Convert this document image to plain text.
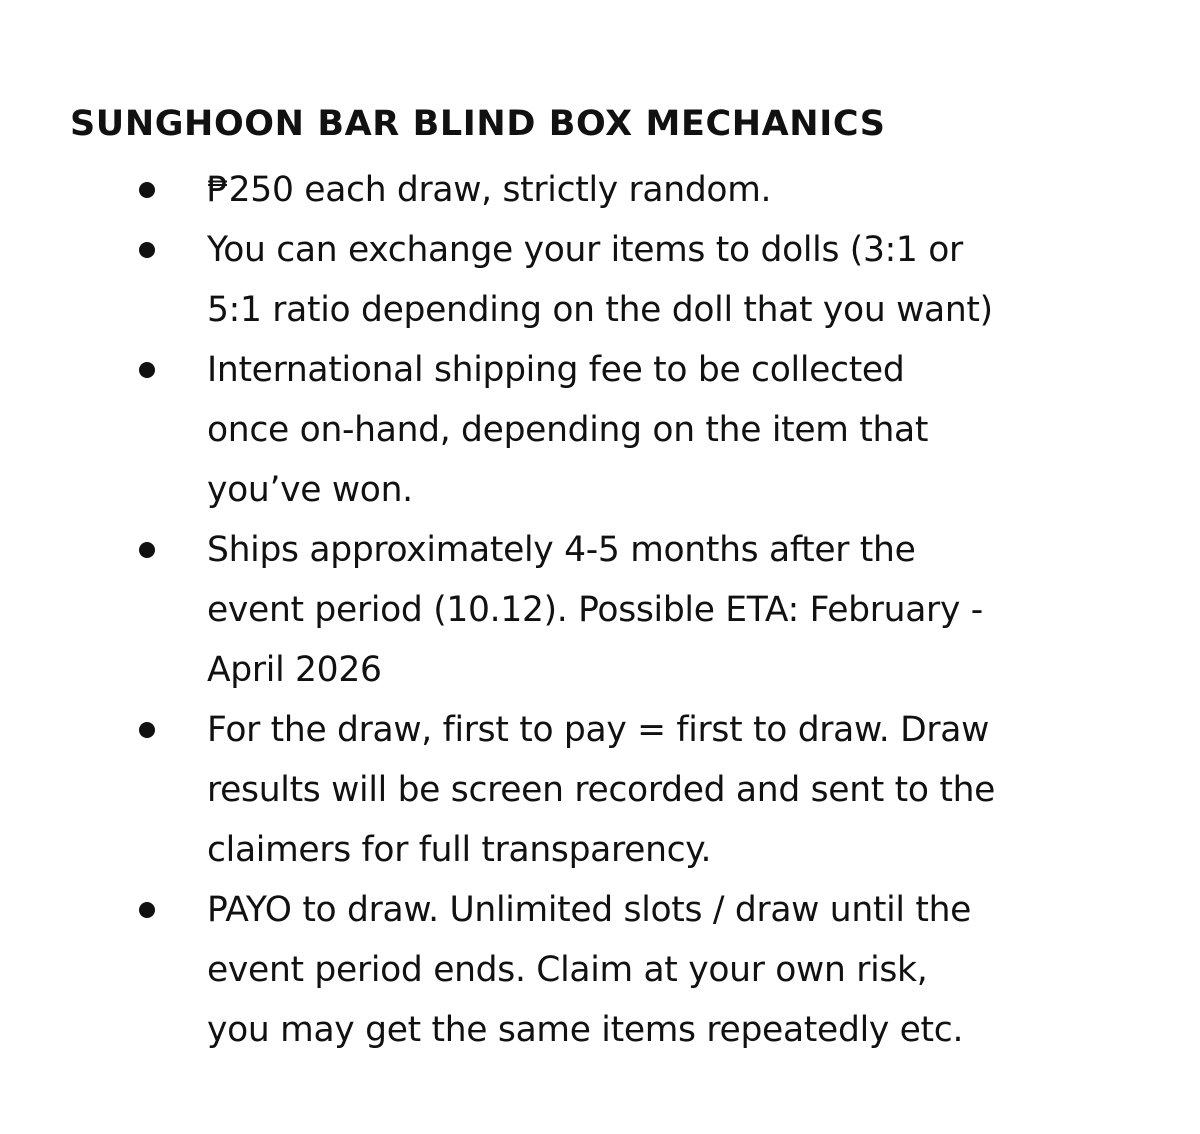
SUNGHOON BAR BLIND BOX MECHANICS
₱250 each draw, strictly random.
You can exchange your items to dolls (3:1 or
5:1 ratio depending on the doll that you want)
International shipping fee to be collected
once on-hand, depending on the item that
you’ve won.
Ships approximately 4-5 months after the
event period (10.12). Possible ETA: February -
April 2026
For the draw, first to pay = first to draw. Draw
results will be screen recorded and sent to the
claimers for full transparency.
PAYO to draw. Unlimited slots / draw until the
event period ends. Claim at your own risk,
you may get the same items repeatedly etc.
